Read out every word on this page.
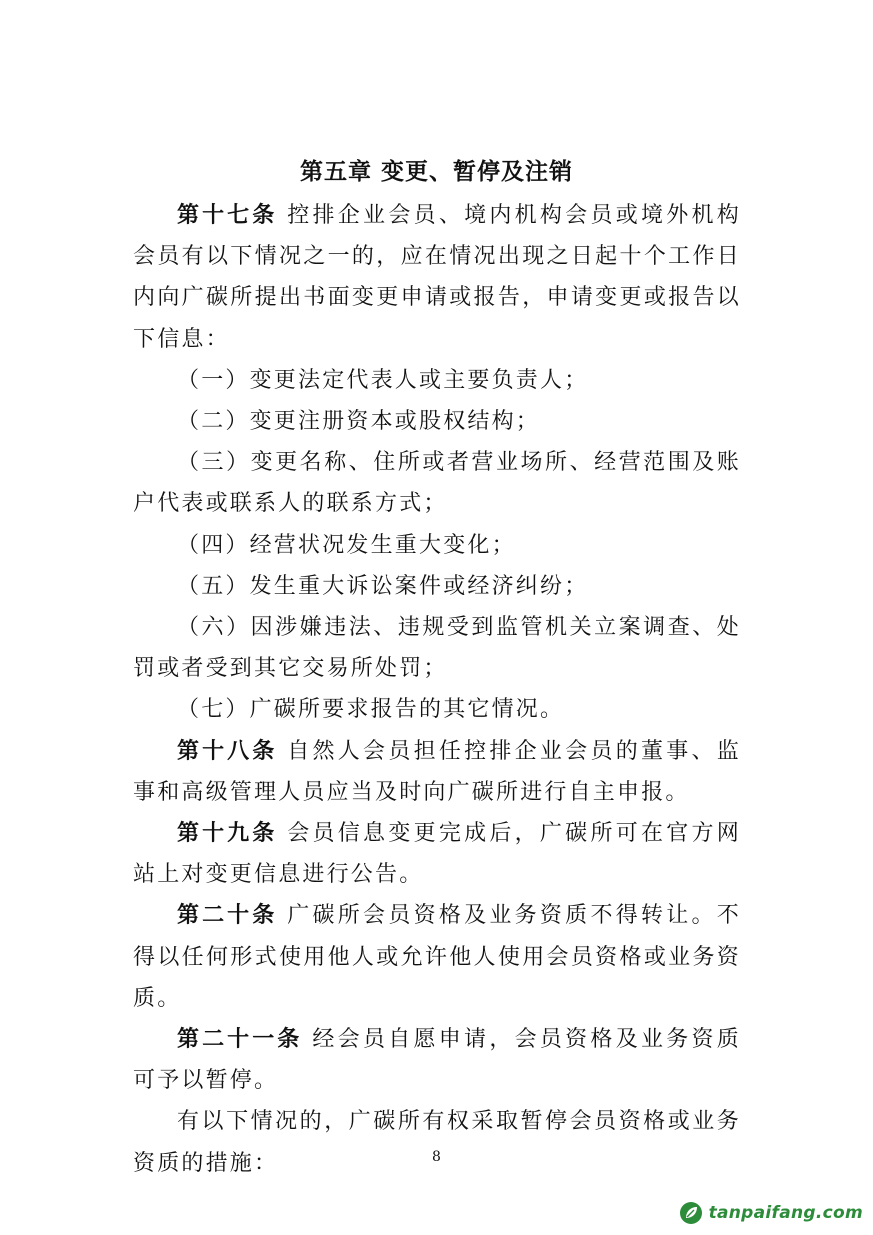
第五章 变更、暂停及注销

第十七条 控排企业会员、境内机构会员或境外机构会员有以下情况之一的，应在情况出现之日起十个工作日内向广碳所提出书面变更申请或报告，申请变更或报告以下信息：

（一）变更法定代表人或主要负责人；

（二）变更注册资本或股权结构；

（三）变更名称、住所或者营业场所、经营范围及账户代表或联系人的联系方式；

（四）经营状况发生重大变化；

（五）发生重大诉讼案件或经济纠纷；

（六）因涉嫌违法、违规受到监管机关立案调查、处罚或者受到其它交易所处罚；

（七）广碳所要求报告的其它情况。

第十八条 自然人会员担任控排企业会员的董事、监事和高级管理人员应当及时向广碳所进行自主申报。

第十九条 会员信息变更完成后，广碳所可在官方网站上对变更信息进行公告。

第二十条 广碳所会员资格及业务资质不得转让。不得以任何形式使用他人或允许他人使用会员资格或业务资质。

第二十一条 经会员自愿申请，会员资格及业务资质可予以暂停。

有以下情况的，广碳所有权采取暂停会员资格或业务资质的措施：	8
tanpaifang.com
